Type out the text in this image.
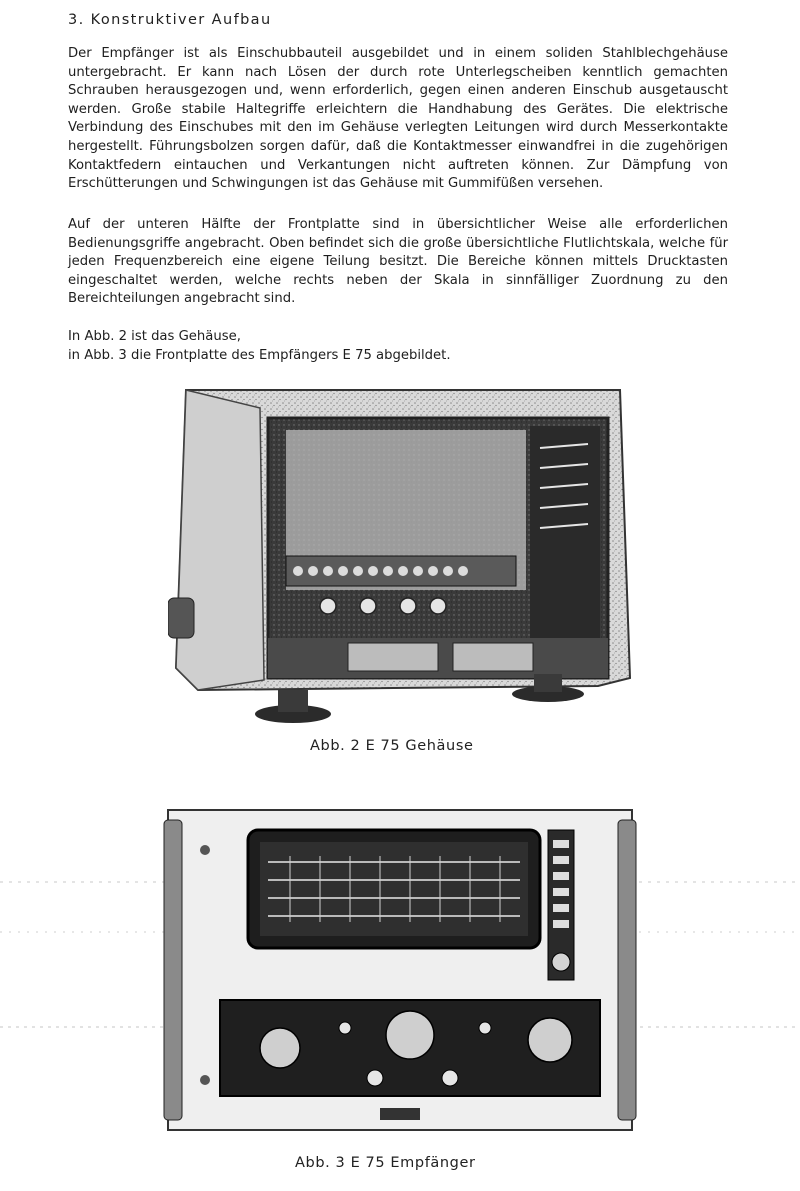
3. Konstruktiver Aufbau

Der Empfänger ist als Einschubbauteil ausgebildet und in einem soliden Stahlblechgehäuse untergebracht. Er kann nach Lösen der durch rote Unterlegscheiben kenntlich gemachten Schrauben herausgezogen und, wenn erforderlich, gegen einen anderen Einschub ausgetauscht werden. Große stabile Haltegriffe erleichtern die Handhabung des Gerätes. Die elektrische Verbindung des Einschubes mit den im Gehäuse verlegten Leitungen wird durch Messerkontakte hergestellt. Führungsbolzen sorgen dafür, daß die Kontaktmesser einwandfrei in die zugehörigen Kontaktfedern eintauchen und Verkantungen nicht auftreten können. Zur Dämpfung von Erschütterungen und Schwingungen ist das Gehäuse mit Gummifüßen versehen.

Auf der unteren Hälfte der Frontplatte sind in übersichtlicher Weise alle erforderlichen Bedienungsgriffe angebracht. Oben befindet sich die große übersichtliche Flutlichtskala, welche für jeden Frequenzbereich eine eigene Teilung besitzt. Die Bereiche können mittels Drucktasten eingeschaltet werden, welche rechts neben der Skala in sinnfälliger Zuordnung zu den Bereichteilungen angebracht sind.

In Abb. 2 ist das Gehäuse,
in Abb. 3 die Frontplatte des Empfängers E 75 abgebildet.
Abb. 2 E 75 Gehäuse
Abb. 3 E 75 Empfänger
